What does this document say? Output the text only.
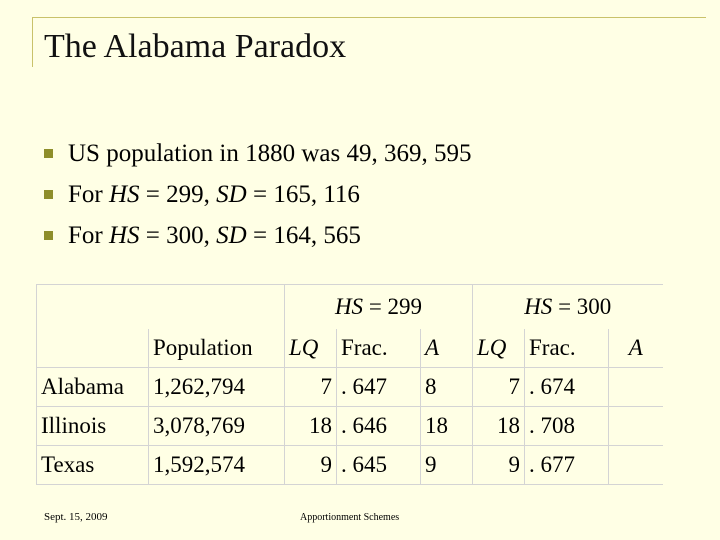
The Alabama Paradox
US population in 1880 was 49, 369, 595
For HS = 299, SD = 165, 116
For HS = 300, SD = 164, 565
		HS = 299			HS = 300		
	Population	LQ	Frac.	A	LQ	Frac.	A
Alabama	1,262,794	7	. 647	8	7	. 674	
Illinois	3,078,769	18	. 646	18	18	. 708	
Texas	1,592,574	9	. 645	9	9	. 677	
Sept. 15, 2009	Apportionment Schemes
